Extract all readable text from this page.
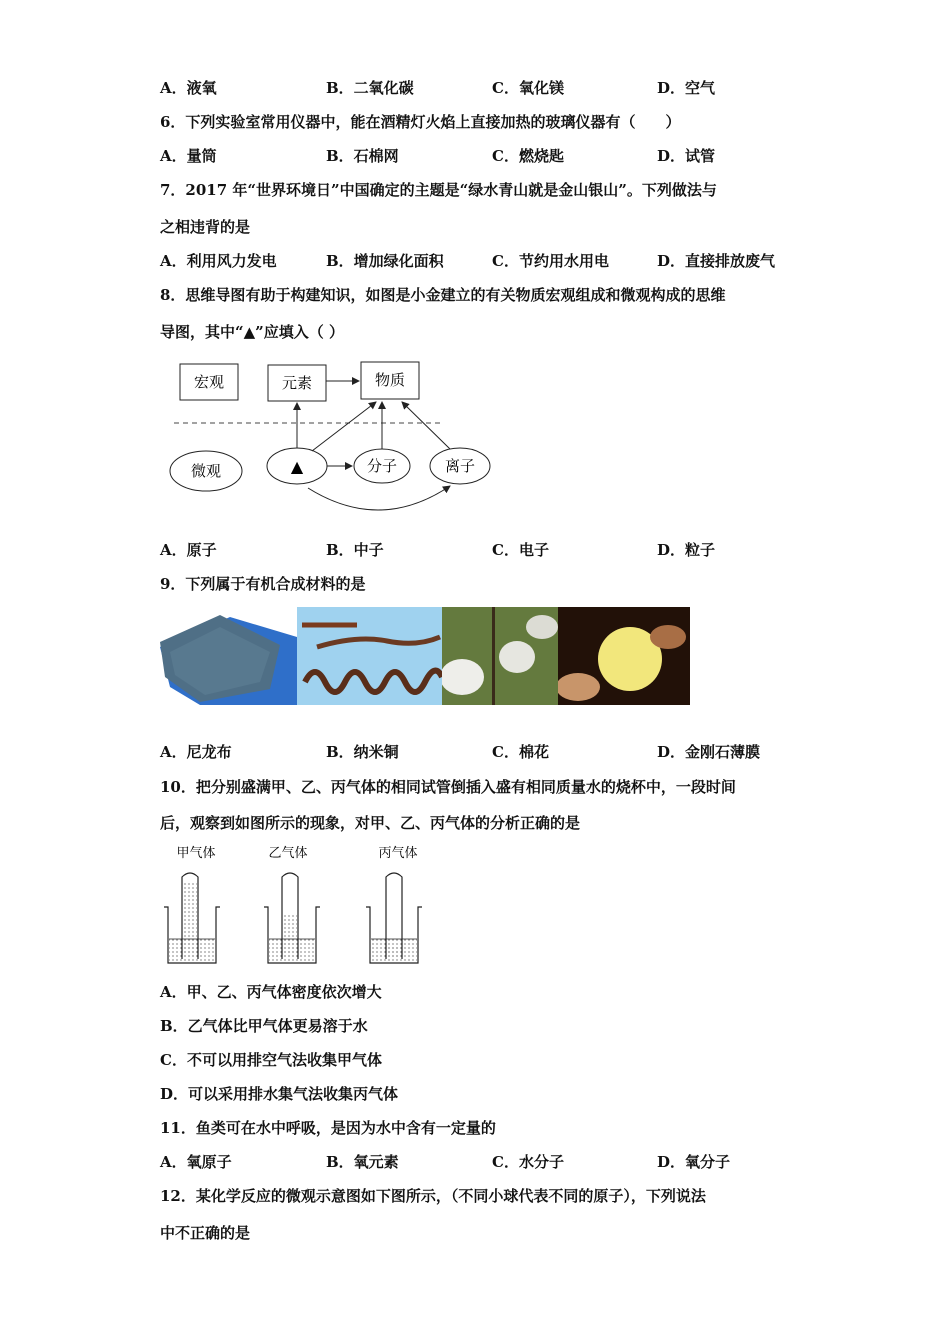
A．液氧	B．二氧化碳	C．氧化镁	D．空气
6．下列实验室常用仪器中，能在酒精灯火焰上直接加热的玻璃仪器有（　　）
A．量筒	B．石棉网	C．燃烧匙	D．试管
7．2017 年“世界环境日”中国确定的主题是“绿水青山就是金山银山”。下列做法与
之相违背的是
A．利用风力发电	B．增加绿化面积	C．节约用水用电	D．直接排放废气
8．思维导图有助于构建知识，如图是小金建立的有关物质宏观组成和微观构成的思维
导图，其中“▲”应填入（ ）
宏观	元素	物质
微观	▲	分子	离子
A．原子	B．中子	C．电子	D．粒子
9．下列属于有机合成材料的是
A．尼龙布	B．纳米铜	C．棉花	D．金刚石薄膜
10．把分别盛满甲、乙、丙气体的相同试管倒插入盛有相同质量水的烧杯中，一段时间
后，观察到如图所示的现象，对甲、乙、丙气体的分析正确的是
甲气体	乙气体	丙气体
A．甲、乙、丙气体密度依次增大
B．乙气体比甲气体更易溶于水
C．不可以用排空气法收集甲气体
D．可以采用排水集气法收集丙气体
11．鱼类可在水中呼吸，是因为水中含有一定量的
A．氧原子	B．氧元素	C．水分子	D．氧分子
12．某化学反应的微观示意图如下图所示，（不同小球代表不同的原子），下列说法
中不正确的是
